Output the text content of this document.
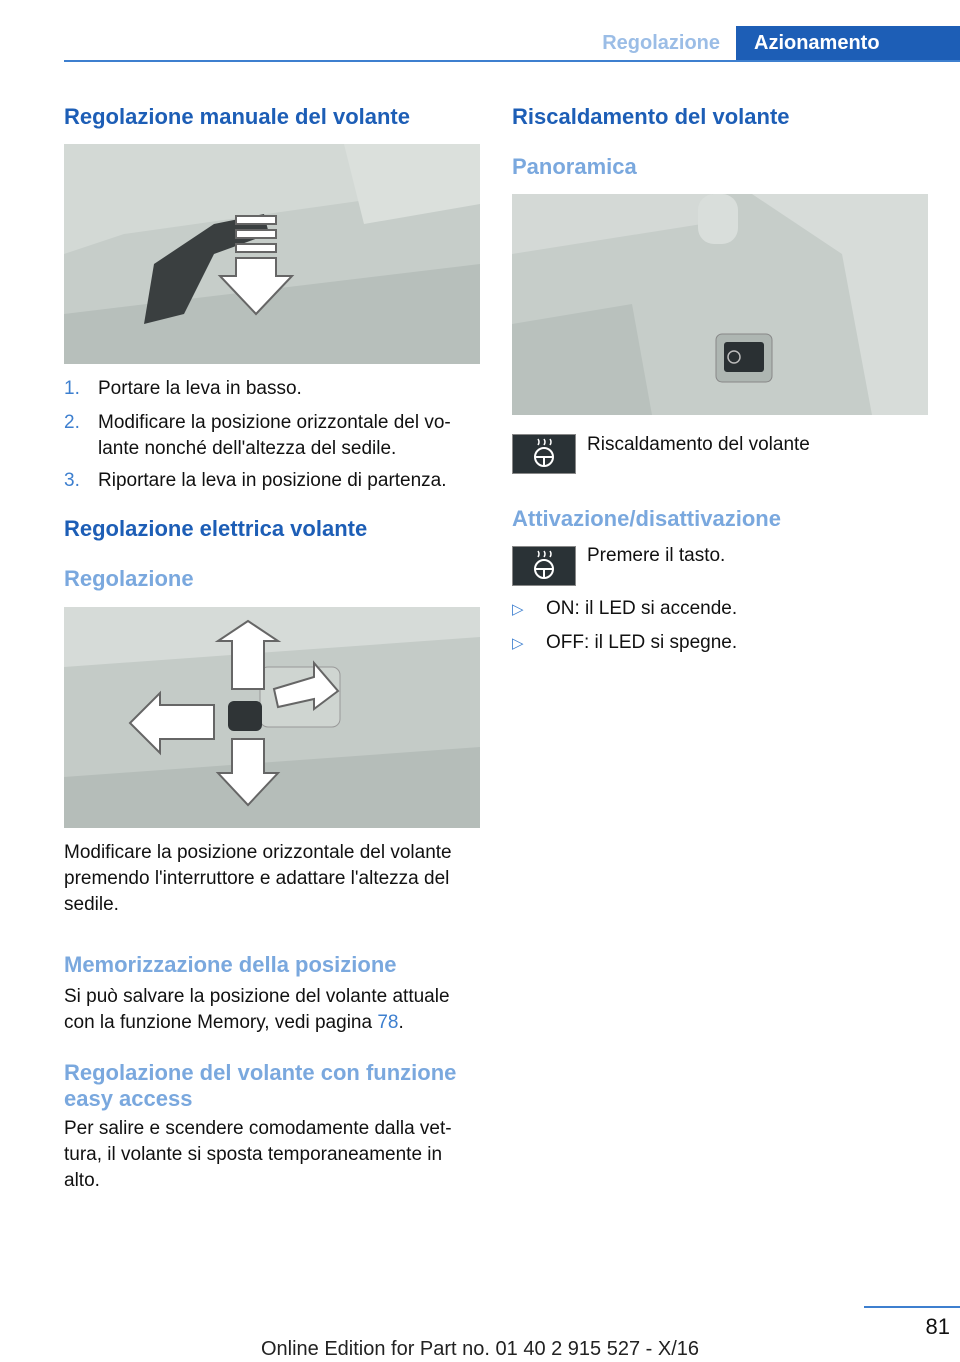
Regolazione	Azionamento
Regolazione manuale del volante
1. Portare la leva in basso.
2. Modificare la posizione orizzontale del vo-
lante nonché dell'altezza del sedile.
3. Riportare la leva in posizione di partenza.
Regolazione elettrica volante
Regolazione
Modificare la posizione orizzontale del volante
premendo l'interruttore e adattare l'altezza del
sedile.
Memorizzazione della posizione
Si può salvare la posizione del volante attuale
con la funzione Memory, vedi pagina 78.
Regolazione del volante con funzione
easy access
Per salire e scendere comodamente dalla vet-
tura, il volante si sposta temporaneamente in
alto.
Riscaldamento del volante
Panoramica
Riscaldamento del volante
Attivazione/disattivazione
Premere il tasto.
▷ ON: il LED si accende.
▷ OFF: il LED si spegne.
81
Online Edition for Part no. 01 40 2 915 527 - X/16
